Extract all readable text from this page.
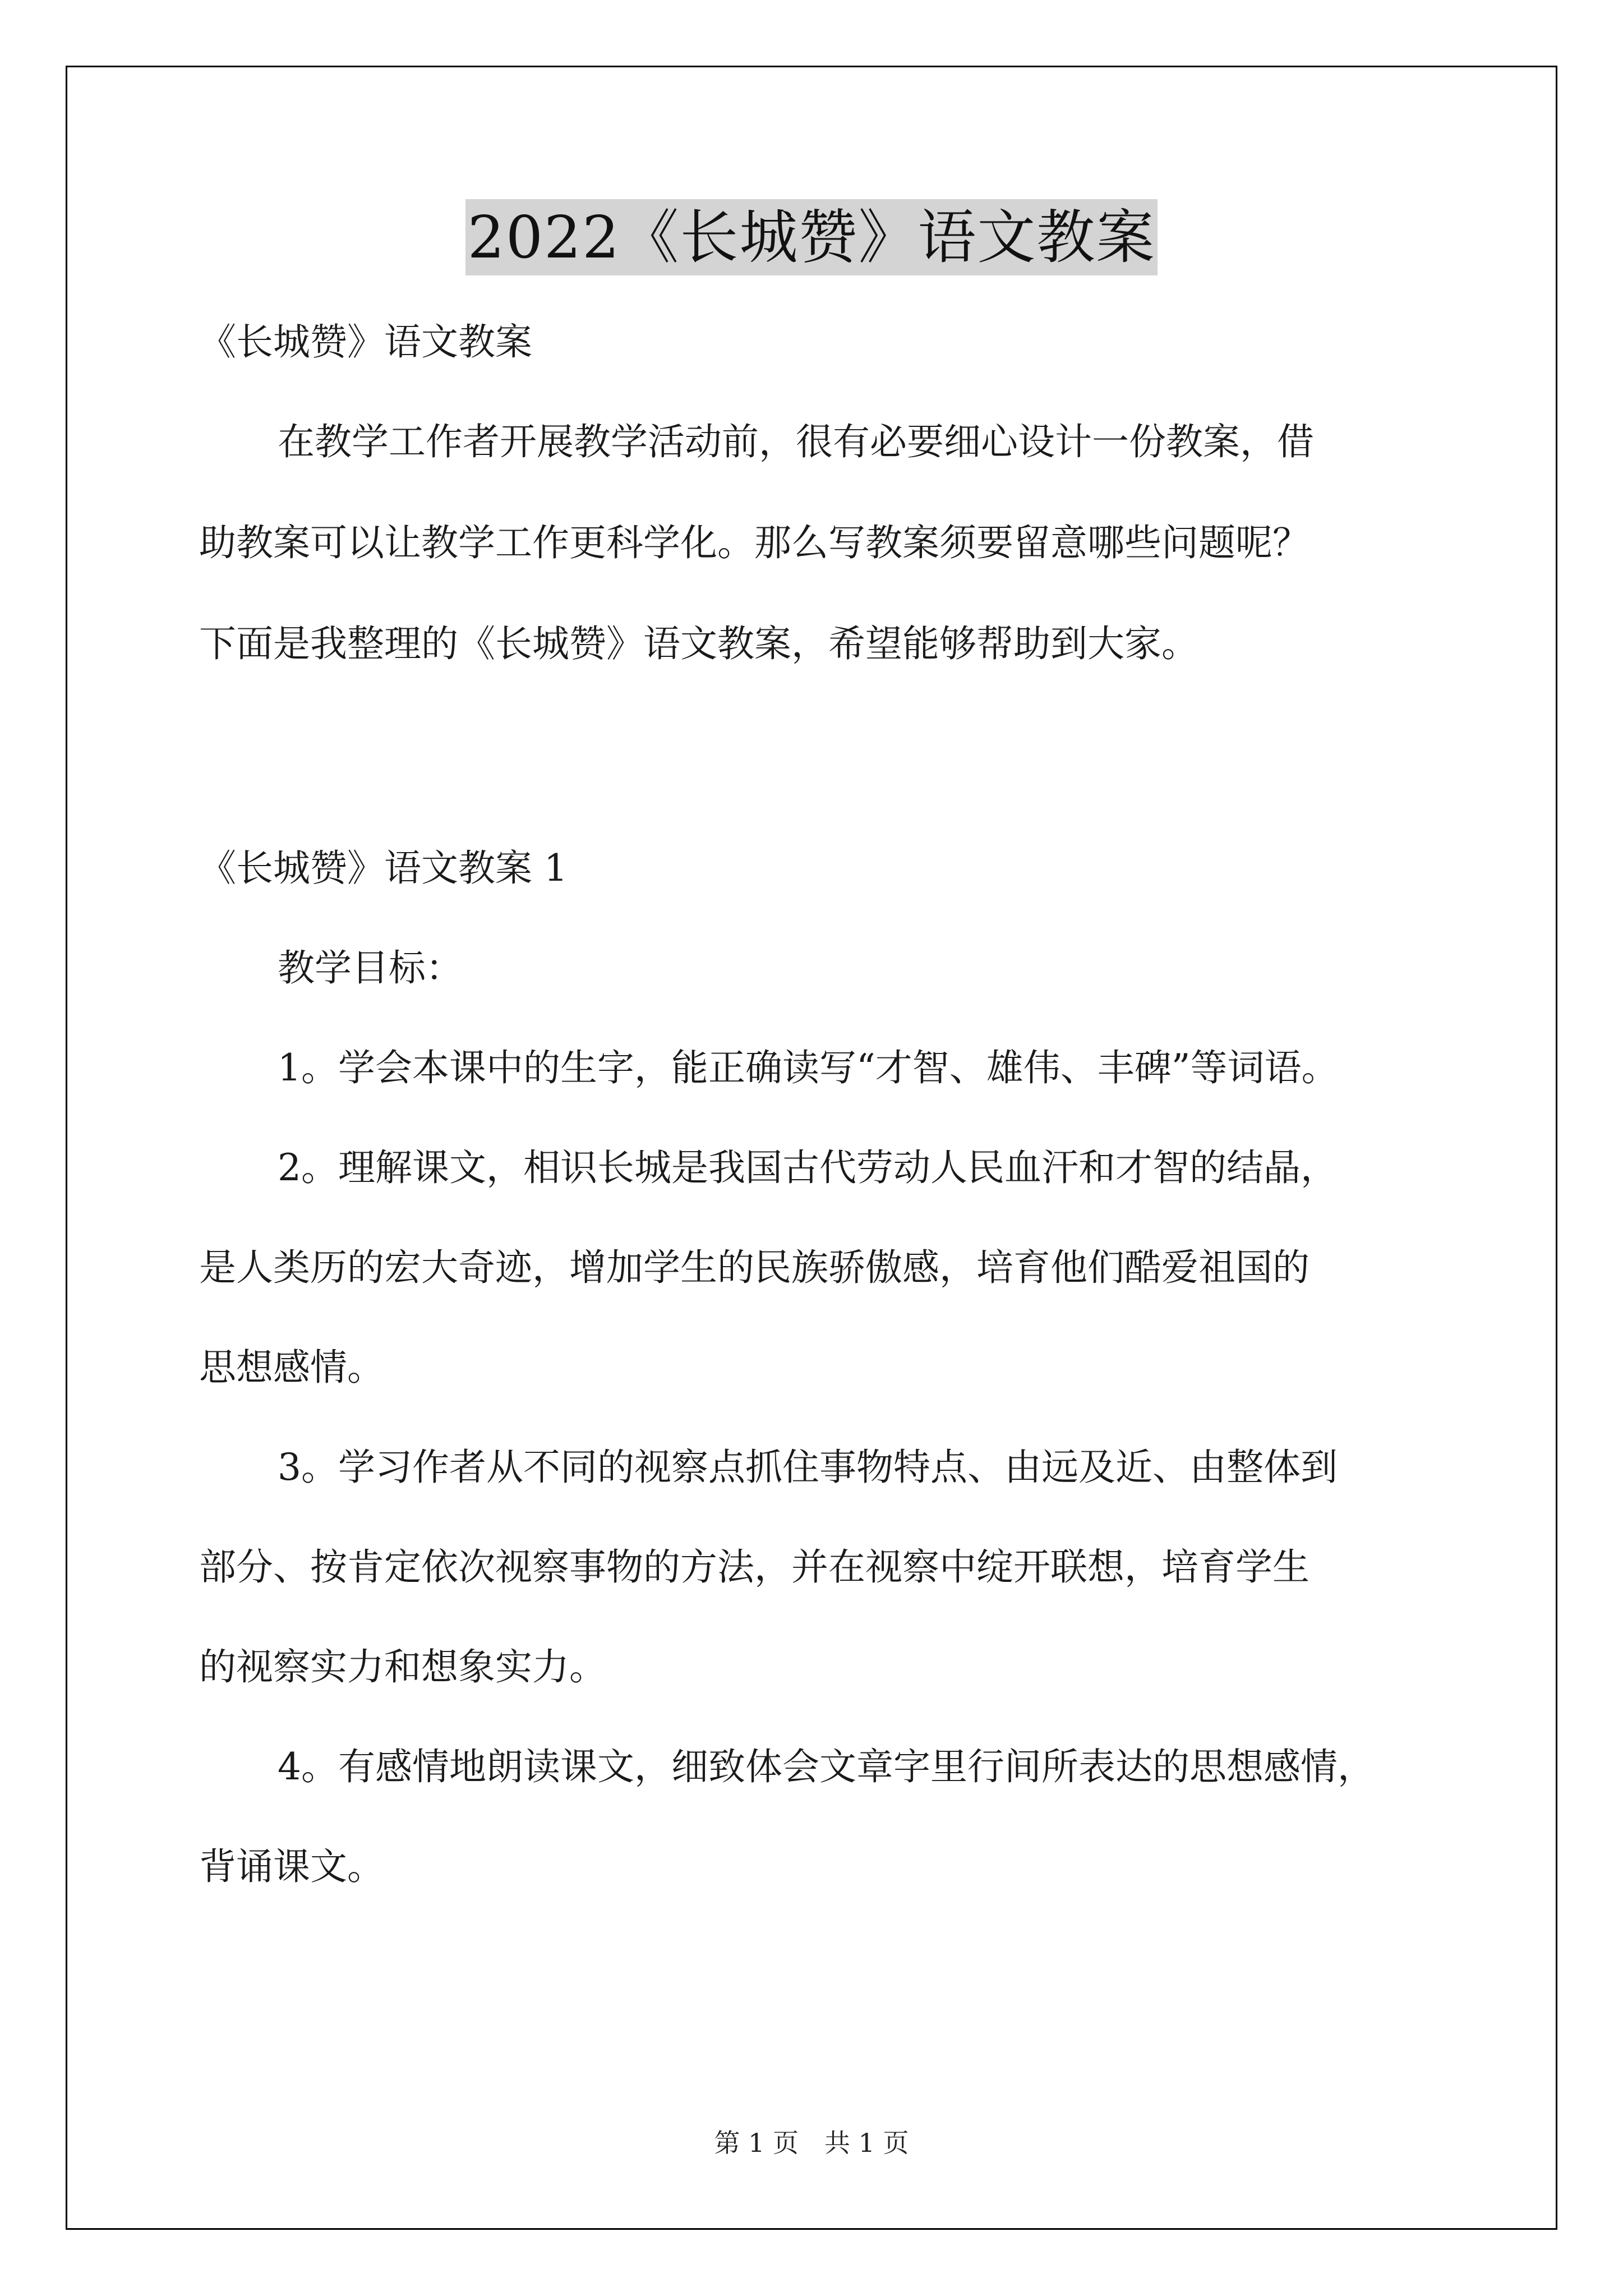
2022《长城赞》语文教案

《长城赞》语文教案

在教学工作者开展教学活动前，很有必要细心设计一份教案，借

助教案可以让教学工作更科学化。那么写教案须要留意哪些问题呢？

下面是我整理的《长城赞》语文教案，希望能够帮助到大家。

《长城赞》语文教案 1

教学目标：

1。学会本课中的生字，能正确读写“才智、雄伟、丰碑”等词语。

2。理解课文，相识长城是我国古代劳动人民血汗和才智的结晶，

是人类历的宏大奇迹，增加学生的民族骄傲感，培育他们酷爱祖国的

思想感情。

3。学习作者从不同的视察点抓住事物特点、由远及近、由整体到

部分、按肯定依次视察事物的方法，并在视察中绽开联想，培育学生

的视察实力和想象实力。

4。有感情地朗读课文，细致体会文章字里行间所表达的思想感情，

背诵课文。

第 1 页　共 1 页
